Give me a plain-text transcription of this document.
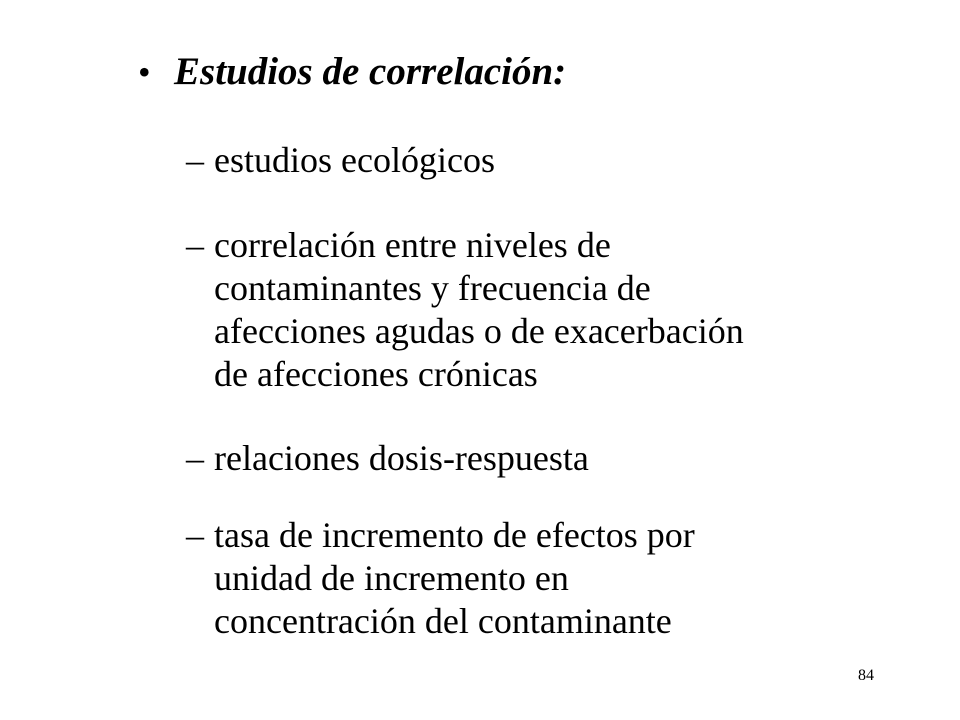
• Estudios de correlación:
– estudios ecológicos
– correlación entre niveles de
contaminantes y frecuencia de
afecciones agudas o de exacerbación
de afecciones crónicas
– relaciones dosis-respuesta
– tasa de incremento de efectos por
unidad de incremento en
concentración del contaminante
84
